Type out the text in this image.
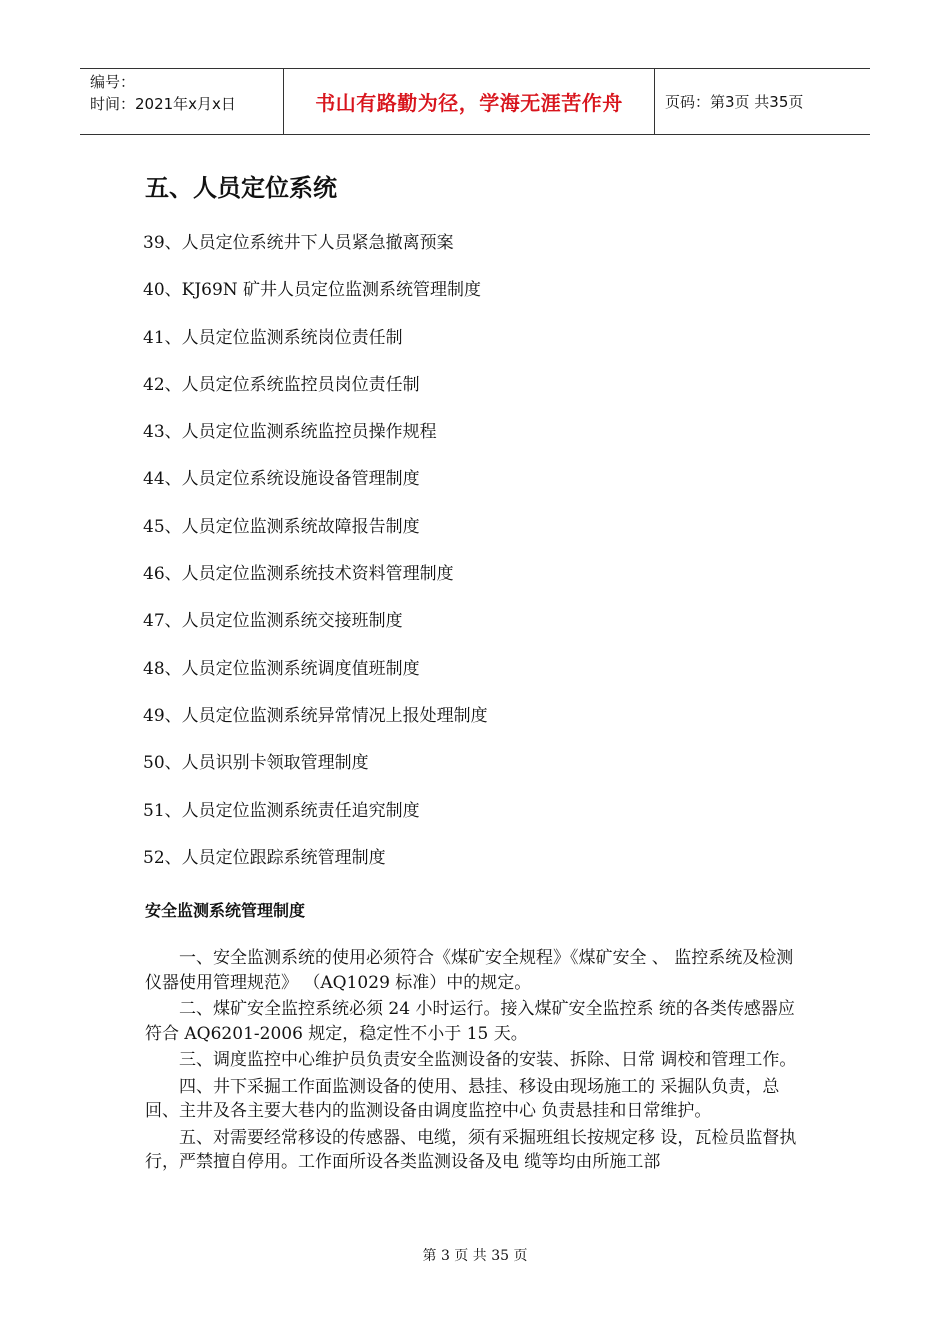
编号：
时间：2021年x月x日	书山有路勤为径，学海无涯苦作舟	页码：第3页 共35页
五、人员定位系统
39、人员定位系统井下人员紧急撤离预案
40、KJ69N 矿井人员定位监测系统管理制度
41、人员定位监测系统岗位责任制
42、人员定位系统监控员岗位责任制
43、人员定位监测系统监控员操作规程
44、人员定位系统设施设备管理制度
45、人员定位监测系统故障报告制度
46、人员定位监测系统技术资料管理制度
47、人员定位监测系统交接班制度
48、人员定位监测系统调度值班制度
49、人员定位监测系统异常情况上报处理制度
50、人员识别卡领取管理制度
51、人员定位监测系统责任追究制度
52、人员定位跟踪系统管理制度
安全监测系统管理制度

一、安全监测系统的使用必须符合《煤矿安全规程》《煤矿安全 、 监控系统及检测仪器使用管理规范》 （AQ1029 标准）中的规定。

二、煤矿安全监控系统必须 24 小时运行。接入煤矿安全监控系 统的各类传感器应符合 AQ6201-2006 规定，稳定性不小于 15 天。

三、调度监控中心维护员负责安全监测设备的安装、拆除、日常 调校和管理工作。

四、井下采掘工作面监测设备的使用、悬挂、移设由现场施工的 采掘队负责，总回、主井及各主要大巷内的监测设备由调度监控中心 负责悬挂和日常维护。

五、对需要经常移设的传感器、电缆，须有采掘班组长按规定移 设，瓦检员监督执行，严禁擅自停用。工作面所设各类监测设备及电 缆等均由所施工部

第 3 页 共 35 页
